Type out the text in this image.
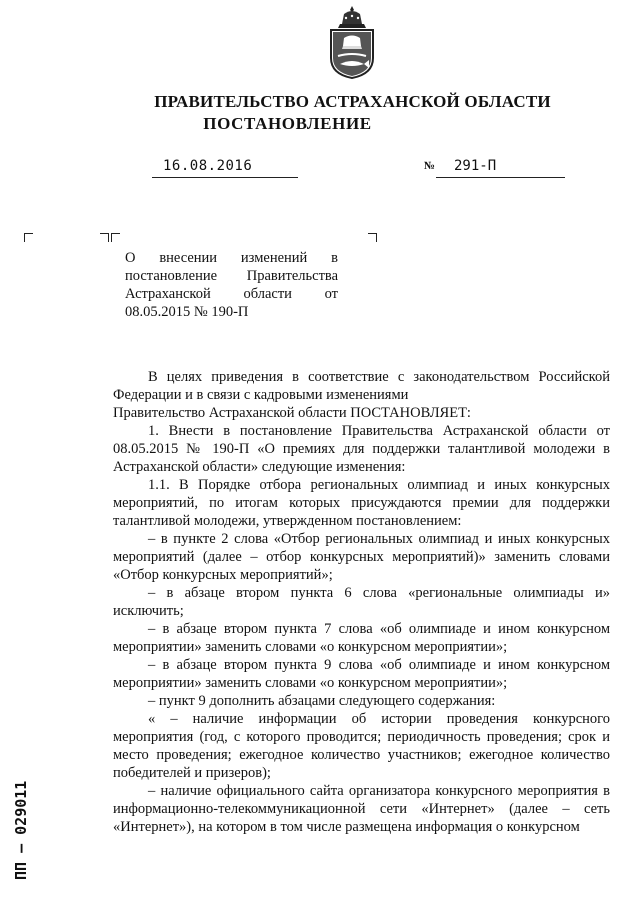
ПРАВИТЕЛЬСТВО АСТРАХАНСКОЙ ОБЛАСТИ
ПОСТАНОВЛЕНИЕ
16.08.2016	№ 291-П
О внесении изменений в постановление Правительства Астраханской области от 08.05.2015 № 190-П

В целях приведения в соответствие с законодательством Российской Федерации и в связи с кадровыми изменениями

Правительство Астраханской области ПОСТАНОВЛЯЕТ:

1. Внести в постановление Правительства Астраханской области от 08.05.2015 № 190-П «О премиях для поддержки талантливой молодежи в Астраханской области» следующие изменения:

1.1. В Порядке отбора региональных олимпиад и иных конкурсных мероприятий, по итогам которых присуждаются премии для поддержки талантливой молодежи, утвержденном постановлением:

– в пункте 2 слова «Отбор региональных олимпиад и иных конкурсных мероприятий (далее – отбор конкурсных мероприятий)» заменить словами «Отбор конкурсных мероприятий»;

– в абзаце втором пункта 6 слова «региональные олимпиады и» исключить;

– в абзаце втором пункта 7 слова «об олимпиаде и ином конкурсном мероприятии» заменить словами «о конкурсном мероприятии»;

– в абзаце втором пункта 9 слова «об олимпиаде и ином конкурсном мероприятии» заменить словами «о конкурсном мероприятии»;

– пункт 9 дополнить абзацами следующего содержания:

« – наличие информации об истории проведения конкурсного мероприятия (год, с которого проводится; периодичность проведения; срок и место проведения; ежегодное количество участников; ежегодное количество победителей и призеров);

– наличие официального сайта организатора конкурсного мероприятия в информационно-телекоммуникационной сети «Интернет» (далее – сеть «Интернет»), на котором в том числе размещена информация о конкурсном

ПП – 029011
